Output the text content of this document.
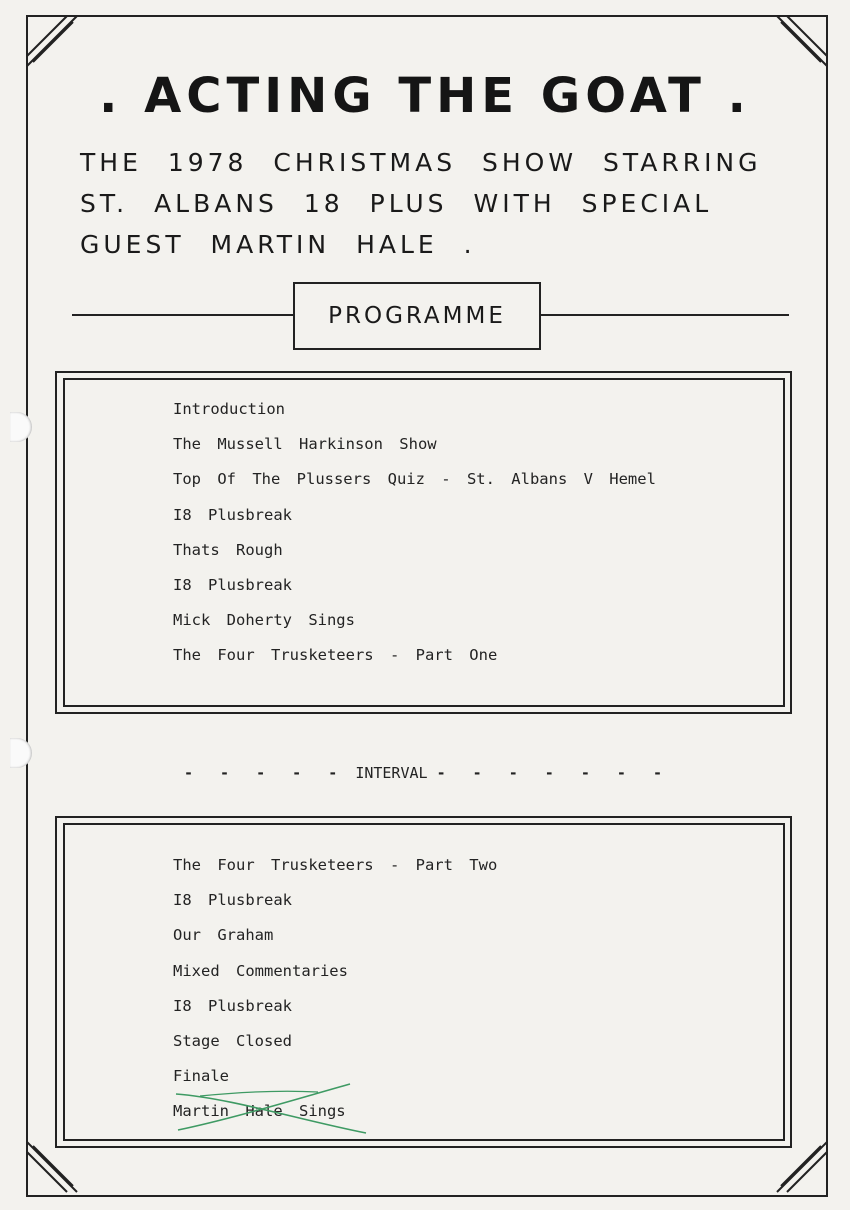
. ACTING THE GOAT .
THE 1978 CHRISTMAS SHOW STARRING
ST. ALBANS 18 PLUS WITH SPECIAL
GUEST MARTIN HALE .
PROGRAMME
Introduction
The Mussell Harkinson Show
Top Of The Plussers Quiz - St. Albans V Hemel
I8 Plusbreak
Thats Rough
I8 Plusbreak
Mick Doherty Sings
The Four Trusketeers - Part One
- - - - - INTERVAL - - - - - - -
The Four Trusketeers - Part Two
I8 Plusbreak
Our Graham
Mixed Commentaries
I8 Plusbreak
Stage Closed
Finale
Martin Hale Sings
